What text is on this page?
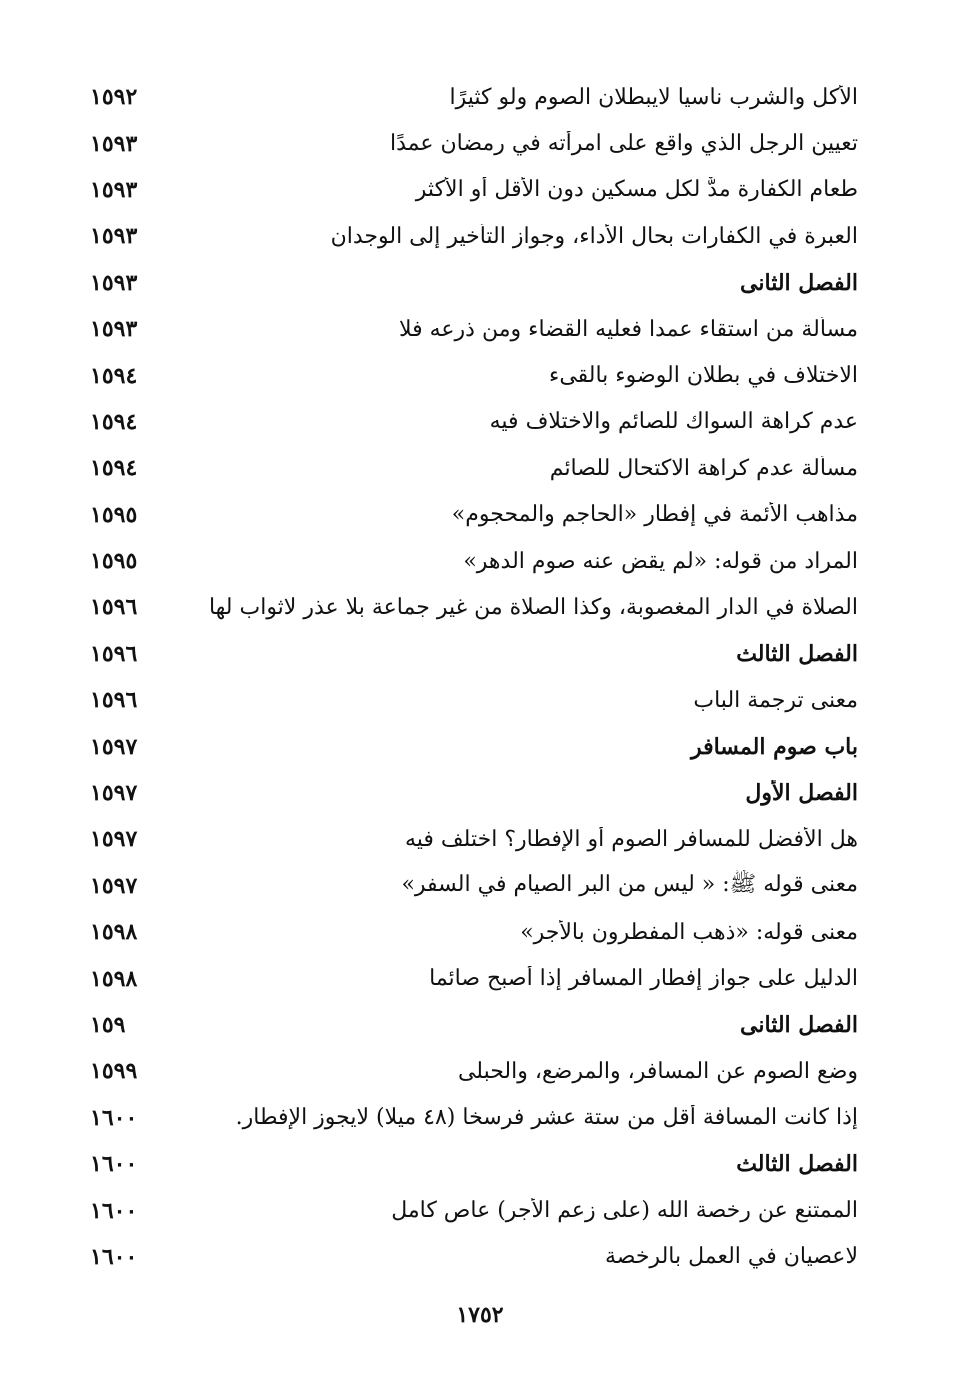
الأكل والشرب ناسيا لايبطلان الصوم ولو كثيرًا
١٥٩٢
تعيين الرجل الذي واقع على امرأته في رمضان عمدًا
١٥٩٣
طعام الكفارة مدٌّ لكل مسكين دون الأقل أو الأكثر
١٥٩٣
العبرة في الكفارات بحال الأداء، وجواز التأخير إلى الوجدان
١٥٩٣
الفصل الثانى
١٥٩٣
مسألة من استقاء عمدا فعليه القضاء ومن ذرعه فلا
١٥٩٣
الاختلاف في بطلان الوضوء بالقىء
١٥٩٤
عدم كراهة السواك للصائم والاختلاف فيه
١٥٩٤
مسألة عدم كراهة الاكتحال للصائم
١٥٩٤
مذاهب الأئمة في إفطار «الحاجم والمحجوم»
١٥٩٥
المراد من قوله: «لم يقض عنه صوم الدهر»
١٥٩٥
الصلاة في الدار المغصوبة، وكذا الصلاة من غير جماعة بلا عذر لاثواب لها
١٥٩٦
الفصل الثالث
١٥٩٦
معنى ترجمة الباب
١٥٩٦
باب صوم المسافر
١٥٩٧
الفصل الأول
١٥٩٧
هل الأفضل للمسافر الصوم أو الإفطار؟ اختلف فيه
١٥٩٧
معنى قوله ﷺ: « ليس من البر الصيام في السفر»
١٥٩٧
معنى قوله: «ذهب المفطرون بالأجر»
١٥٩٨
الدليل على جواز إفطار المسافر إذا أصبح صائما
١٥٩٨
الفصل الثانى
١٥٩
وضع الصوم عن المسافر، والمرضع، والحبلى
١٥٩٩
إذا كانت المسافة أقل من ستة عشر فرسخا (٤٨ ميلا) لايجوز الإفطار.
١٦٠٠
الفصل الثالث
١٦٠٠
الممتنع عن رخصة الله (على زعم الأجر) عاص كامل
١٦٠٠
لاعصيان في العمل بالرخصة
١٦٠٠
١٧٥٢
